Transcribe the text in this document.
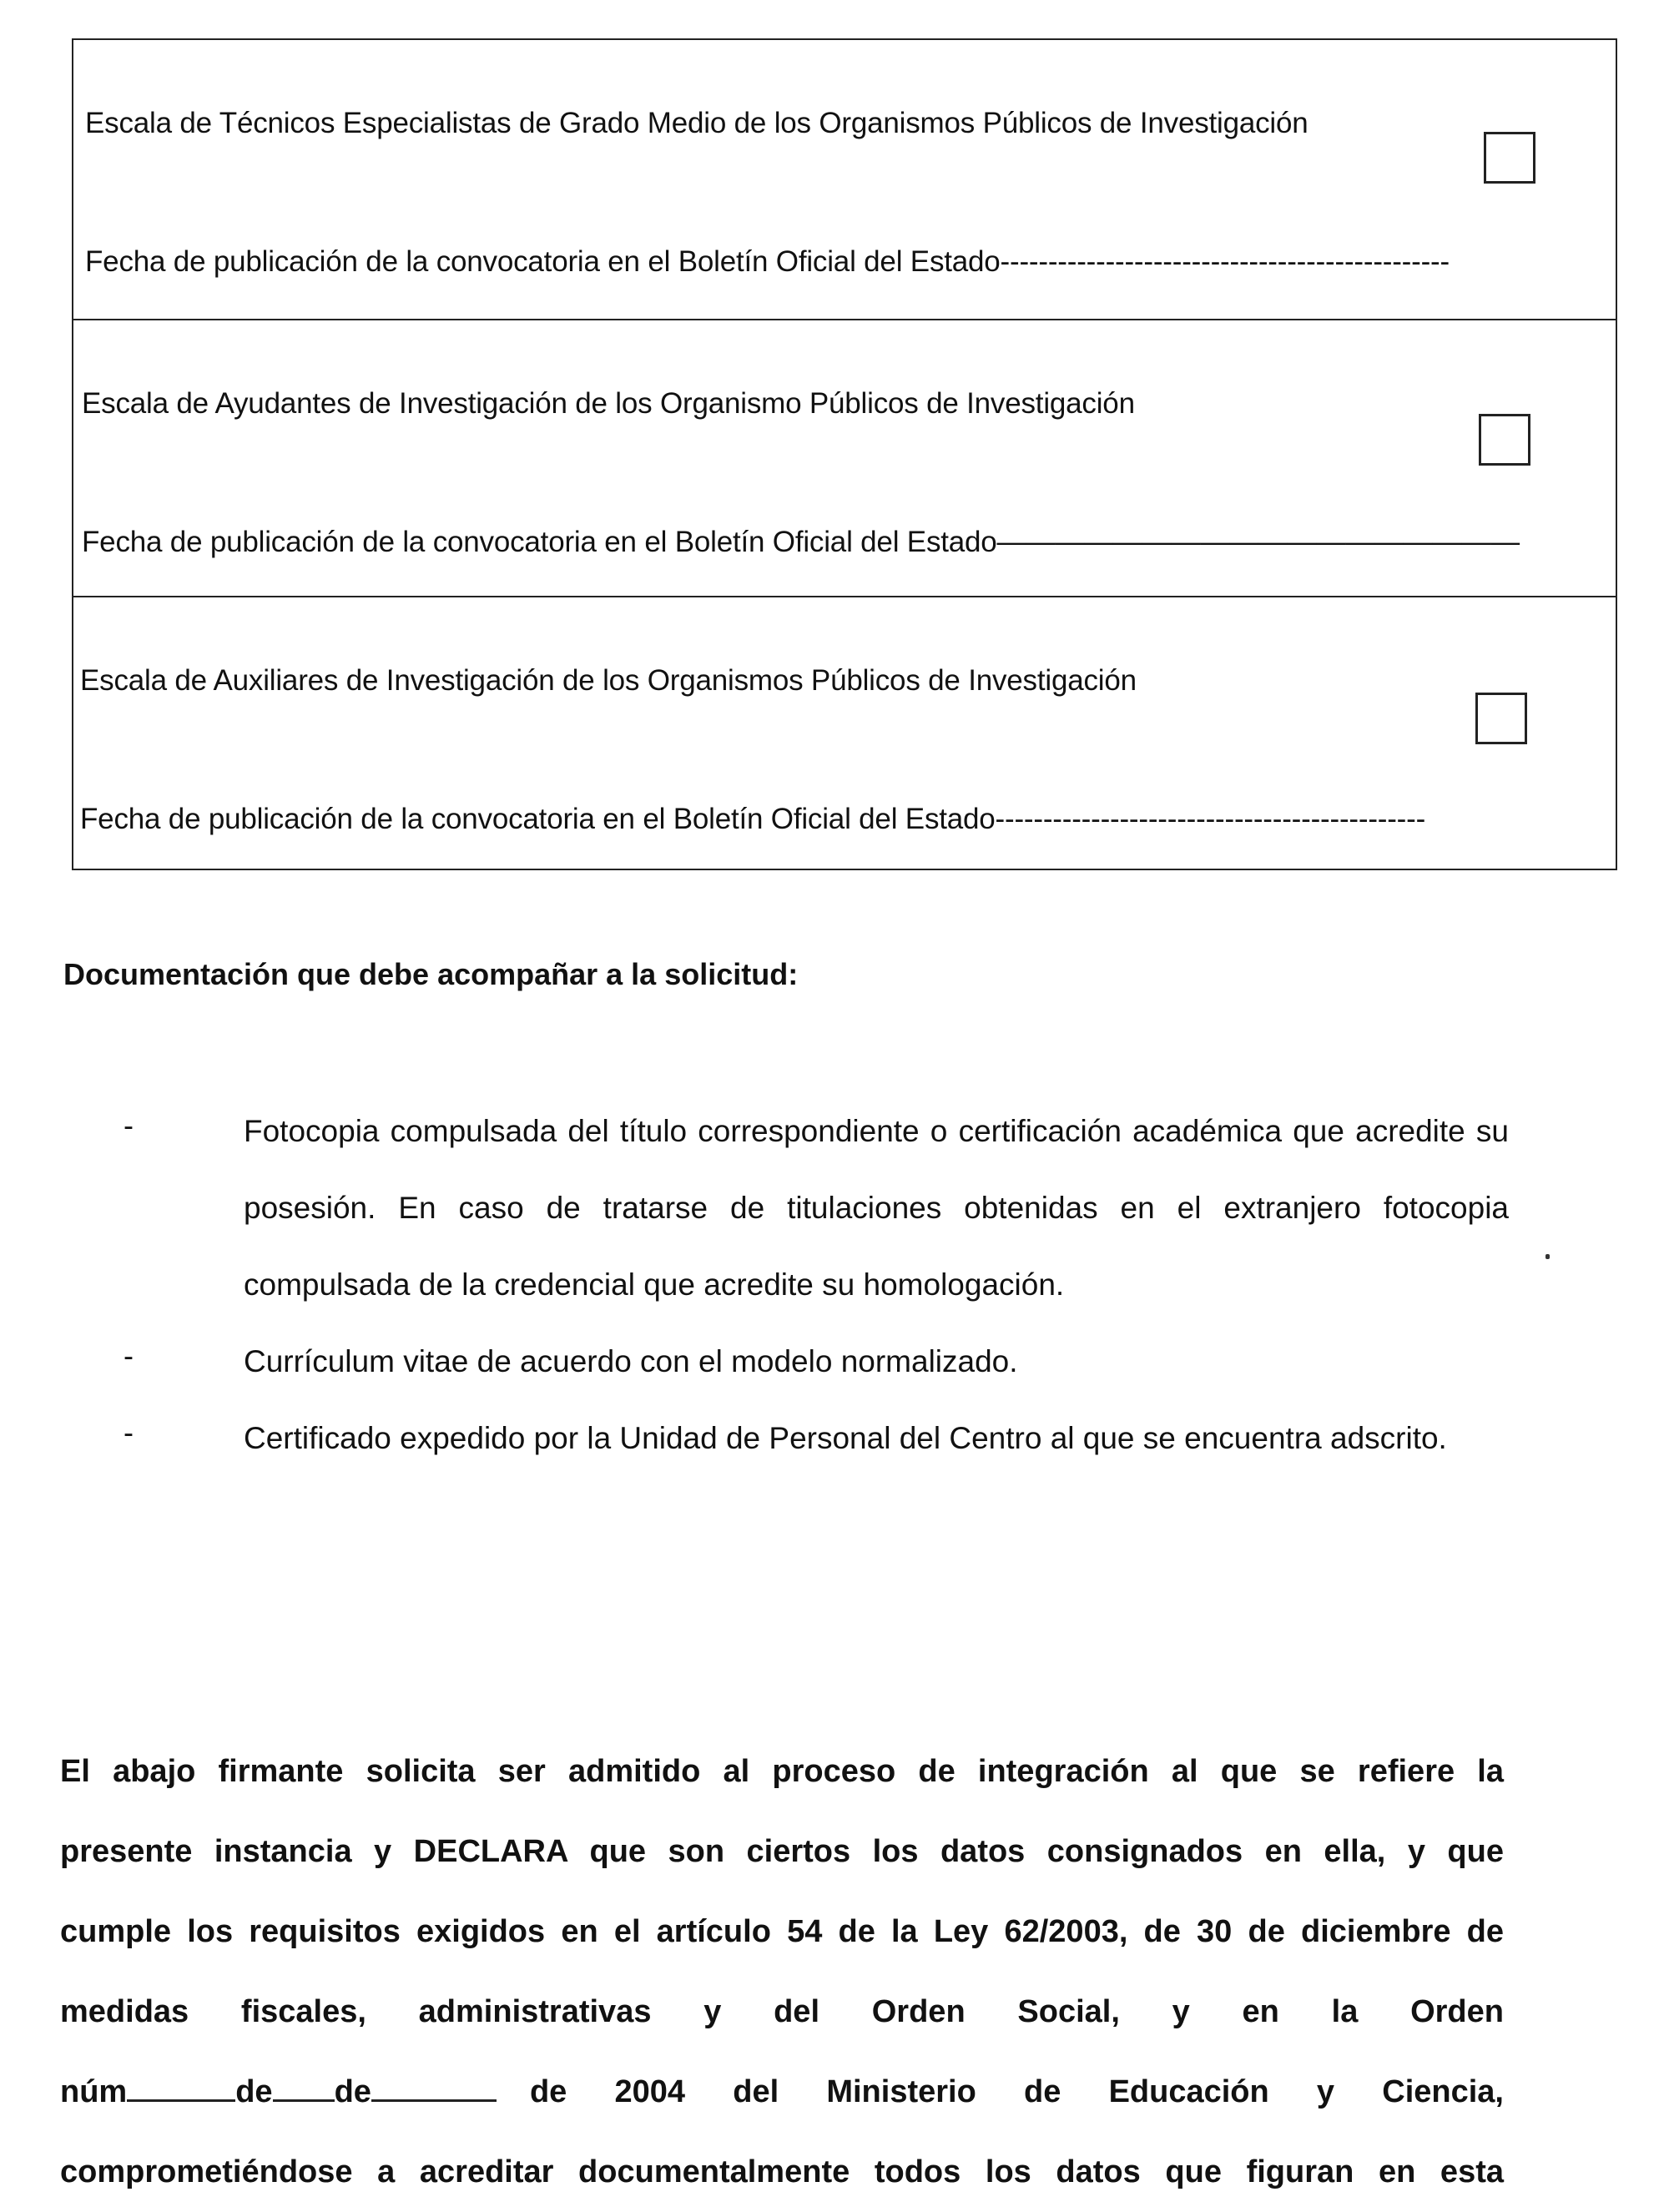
Escala de Técnicos Especialistas de Grado Medio de los Organismos Públicos de Investigación
Fecha de publicación de la convocatoria en el Boletín Oficial del Estado-----------------------------------------------
Escala de Ayudantes de Investigación de los Organismo Públicos de Investigación
Fecha de publicación de la convocatoria en el Boletín Oficial del Estado——————————————————
Escala de Auxiliares de Investigación de los Organismos Públicos de Investigación
Fecha de publicación de la convocatoria en el Boletín Oficial del Estado---------------------------------------------
Documentación que debe acompañar a la solicitud:
-	Fotocopia compulsada del título correspondiente o certificación académica que acredite su posesión. En caso de tratarse de titulaciones obtenidas en el extranjero fotocopia compulsada de la credencial que acredite su homologación.
-	Currículum vitae de acuerdo con el modelo normalizado.
-	Certificado expedido por la Unidad de Personal del Centro al que se encuentra adscrito.
El abajo firmante solicita ser admitido al proceso de integración al que se refiere la
presente instancia y DECLARA que son ciertos los datos consignados en ella, y que
cumple los requisitos exigidos en el artículo 54 de la Ley 62/2003, de 30 de diciembre de
medidas fiscales, administrativas y del Orden Social, y en la Orden
núm	de de	de 2004 del Ministerio de Educación y Ciencia,
comprometiéndose a acreditar documentalmente todos los datos que figuran en esta
